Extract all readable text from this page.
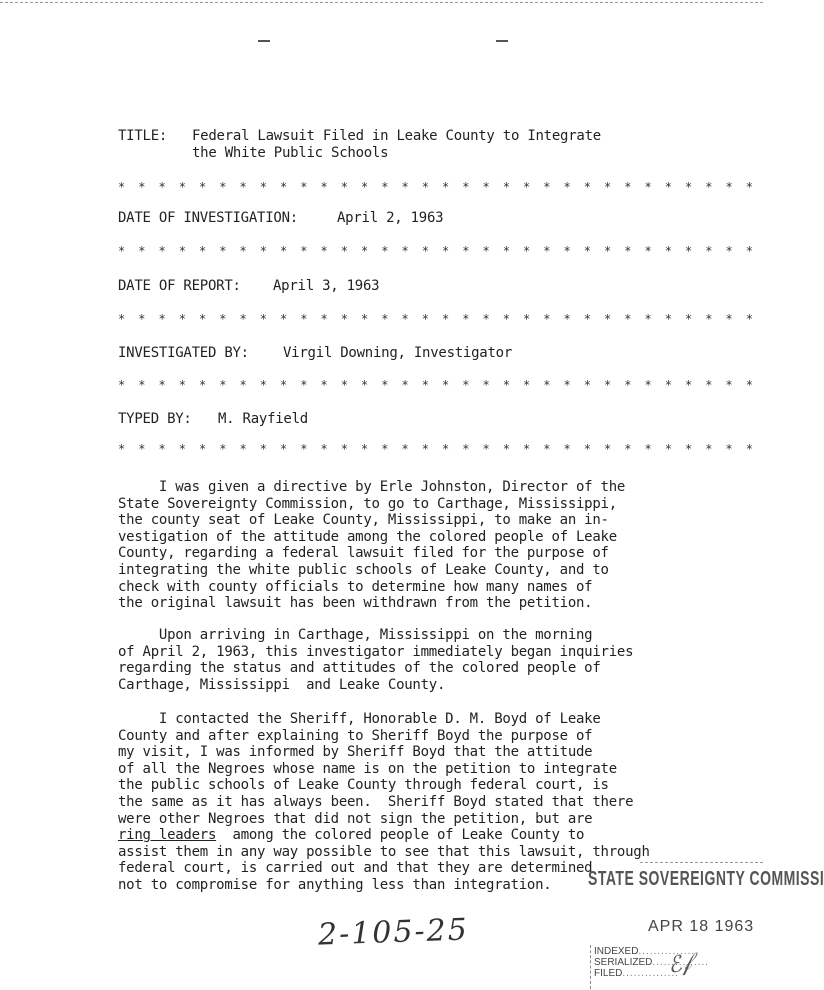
TITLE: Federal Lawsuit Filed in Leake County to Integrate
the White Public Schools
* * * * * * * * * * * * * * * * * * * * * * * * * * * * * * * *
DATE OF INVESTIGATION:	April 2, 1963
* * * * * * * * * * * * * * * * * * * * * * * * * * * * * * * *
DATE OF REPORT: April 3, 1963
* * * * * * * * * * * * * * * * * * * * * * * * * * * * * * * *
INVESTIGATED BY: Virgil Downing, Investigator
* * * * * * * * * * * * * * * * * * * * * * * * * * * * * * * *
TYPED BY: M. Rayfield
* * * * * * * * * * * * * * * * * * * * * * * * * * * * * * * *
I was given a directive by Erle Johnston, Director of the
State Sovereignty Commission, to go to Carthage, Mississippi,
the county seat of Leake County, Mississippi, to make an in-
vestigation of the attitude among the colored people of Leake
County, regarding a federal lawsuit filed for the purpose of
integrating the white public schools of Leake County, and to
check with county officials to determine how many names of
the original lawsuit has been withdrawn from the petition.
Upon arriving in Carthage, Mississippi on the morning
of April 2, 1963, this investigator immediately began inquiries
regarding the status and attitudes of the colored people of
Carthage, Mississippi  and Leake County.
I contacted the Sheriff, Honorable D. M. Boyd of Leake
County and after explaining to Sheriff Boyd the purpose of
my visit, I was informed by Sheriff Boyd that the attitude
of all the Negroes whose name is on the petition to integrate
the public schools of Leake County through federal court, is
the same as it has always been.  Sheriff Boyd stated that there
were other Negroes that did not sign the petition, but are
ring leaders  among the colored people of Leake County to
assist them in any way possible to see that this lawsuit, through
federal court, is carried out and that they are determined
not to compromise for anything less than integration.	STATE SOVEREIGNTY COMMISSI
APR 18 1963
2-105-25	INDEXED .....
SERIALIZED .....
FILED .....	ℰ𝒻
